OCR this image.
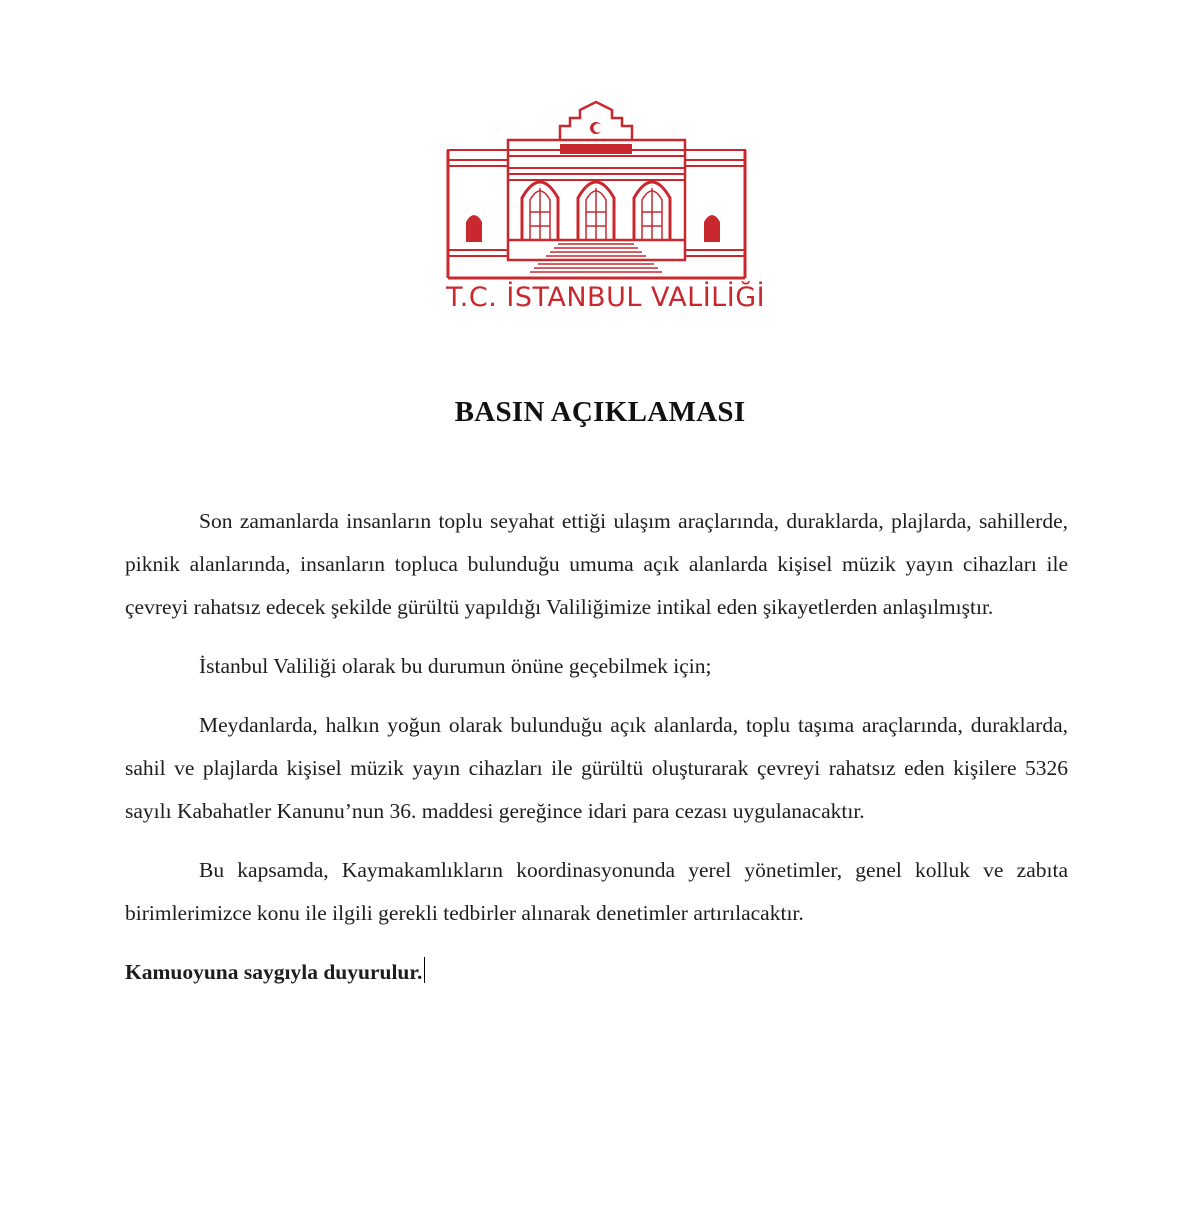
T.C. İSTANBUL VALİLİĞİ
BASIN AÇIKLAMASI

Son zamanlarda insanların toplu seyahat ettiği ulaşım araçlarında, duraklarda, plajlarda, sahillerde, piknik alanlarında, insanların topluca bulunduğu umuma açık alanlarda kişisel müzik yayın cihazları ile çevreyi rahatsız edecek şekilde gürültü yapıldığı Valiliğimize intikal eden şikayetlerden anlaşılmıştır.

İstanbul Valiliği olarak bu durumun önüne geçebilmek için;

Meydanlarda, halkın yoğun olarak bulunduğu açık alanlarda, toplu taşıma araçlarında, duraklarda, sahil ve plajlarda kişisel müzik yayın cihazları ile gürültü oluşturarak çevreyi rahatsız eden kişilere 5326 sayılı Kabahatler Kanunu’nun 36. maddesi gereğince idari para cezası uygulanacaktır.

Bu kapsamda, Kaymakamlıkların koordinasyonunda yerel yönetimler, genel kolluk ve zabıta birimlerimizce konu ile ilgili gerekli tedbirler alınarak denetimler artırılacaktır.

Kamuoyuna saygıyla duyurulur.
